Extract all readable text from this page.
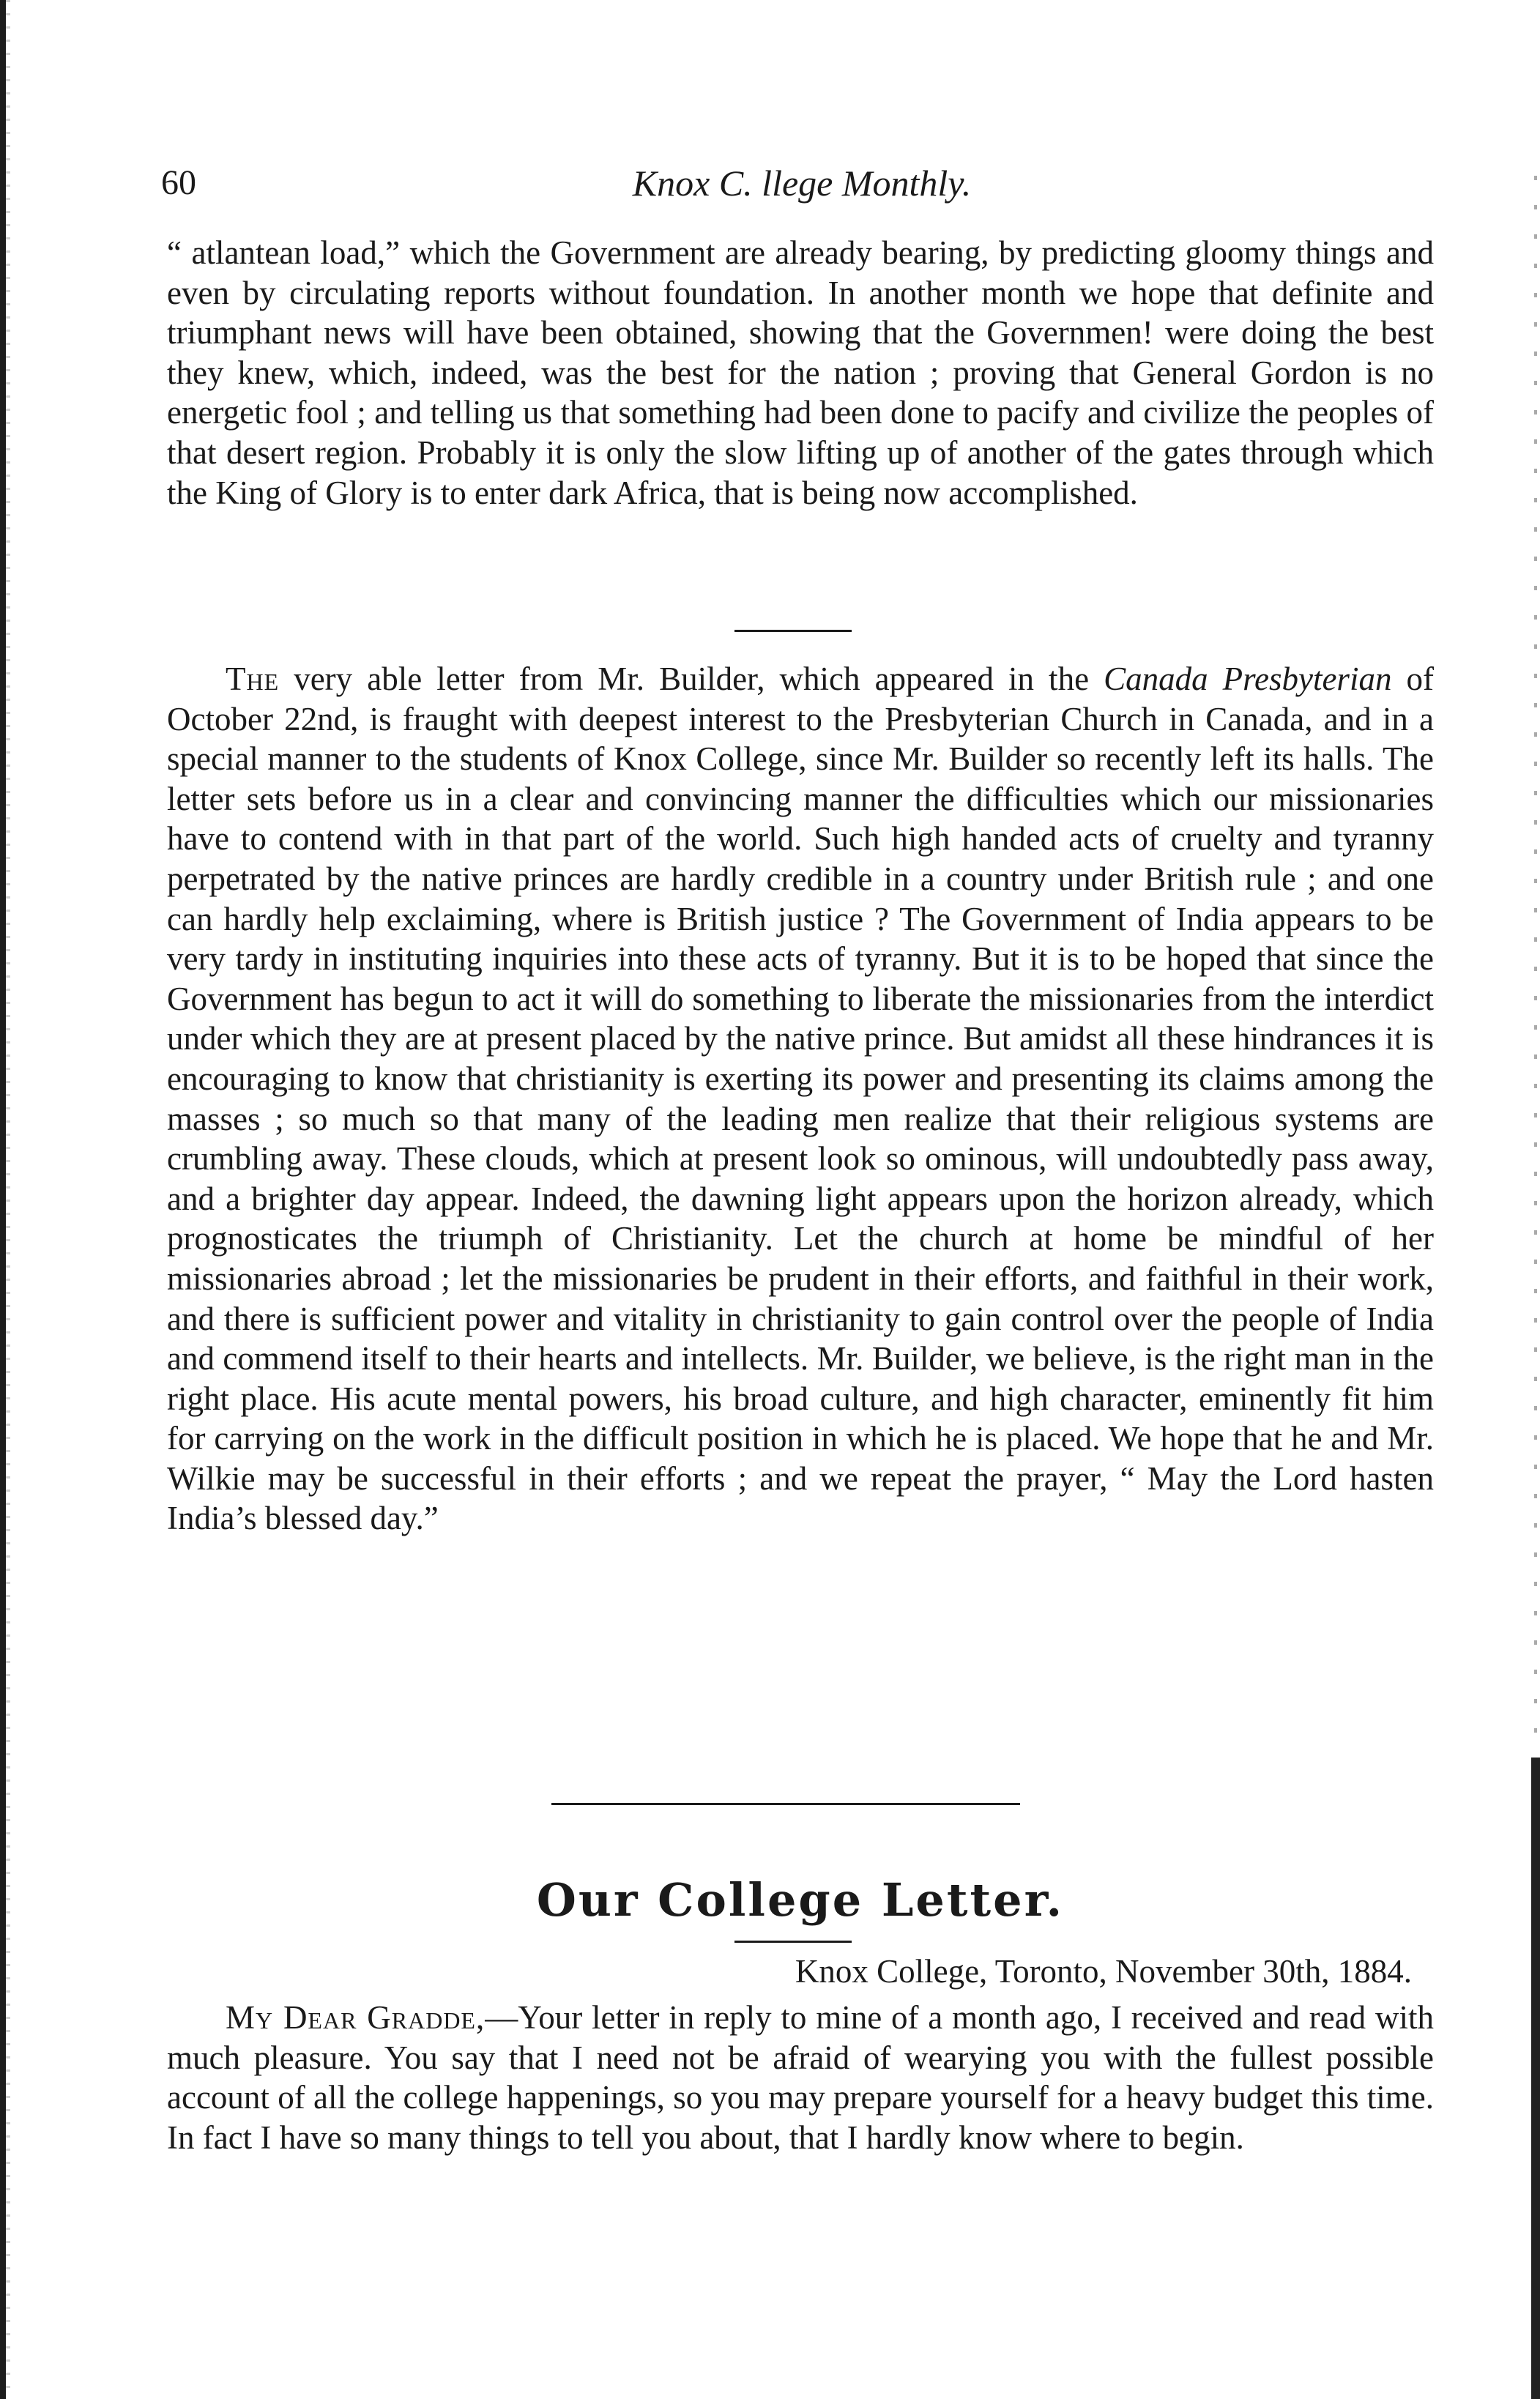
60	Knox C. llege Monthly.

“ atlantean load,” which the Government are already bearing, by predicting gloomy things and even by circulating reports without foundation. In another month we hope that definite and triumphant news will have been obtained, showing that the Governmen! were doing the best they knew, which, indeed, was the best for the nation ; proving that General Gordon is no energetic fool ; and telling us that something had been done to pacify and civilize the peoples of that desert region. Probably it is only the slow lifting up of another of the gates through which the King of Glory is to enter dark Africa, that is being now accomplished.

The very able letter from Mr. Builder, which appeared in the Canada Presbyterian of October 22nd, is fraught with deepest interest to the Presbyterian Church in Canada, and in a special manner to the students of Knox College, since Mr. Builder so recently left its halls. The letter sets before us in a clear and convincing manner the difficulties which our missionaries have to contend with in that part of the world. Such high handed acts of cruelty and tyranny perpetrated by the native princes are hardly credible in a country under British rule ; and one can hardly help exclaiming, where is British justice ? The Government of India appears to be very tardy in instituting inquiries into these acts of tyranny. But it is to be hoped that since the Government has begun to act it will do something to liberate the missionaries from the interdict under which they are at present placed by the native prince. But amidst all these hindrances it is encouraging to know that christianity is exerting its power and presenting its claims among the masses ; so much so that many of the leading men realize that their religious systems are crumbling away. These clouds, which at present look so ominous, will undoubtedly pass away, and a brighter day appear. Indeed, the dawning light appears upon the horizon already, which prognosticates the triumph of Christianity. Let the church at home be mindful of her missionaries abroad ; let the missionaries be prudent in their efforts, and faithful in their work, and there is sufficient power and vitality in christianity to gain control over the people of India and commend itself to their hearts and intellects. Mr. Builder, we believe, is the right man in the right place. His acute mental powers, his broad culture, and high character, eminently fit him for carrying on the work in the difficult position in which he is placed. We hope that he and Mr. Wilkie may be successful in their efforts ; and we repeat the prayer, “ May the Lord hasten India’s blessed day.”

Our College Letter.
Knox College, Toronto, November 30th, 1884.

My Dear Gradde,—Your letter in reply to mine of a month ago, I received and read with much pleasure. You say that I need not be afraid of wearying you with the fullest possible account of all the college happenings, so you may prepare yourself for a heavy budget this time. In fact I have so many things to tell you about, that I hardly know where to begin.
